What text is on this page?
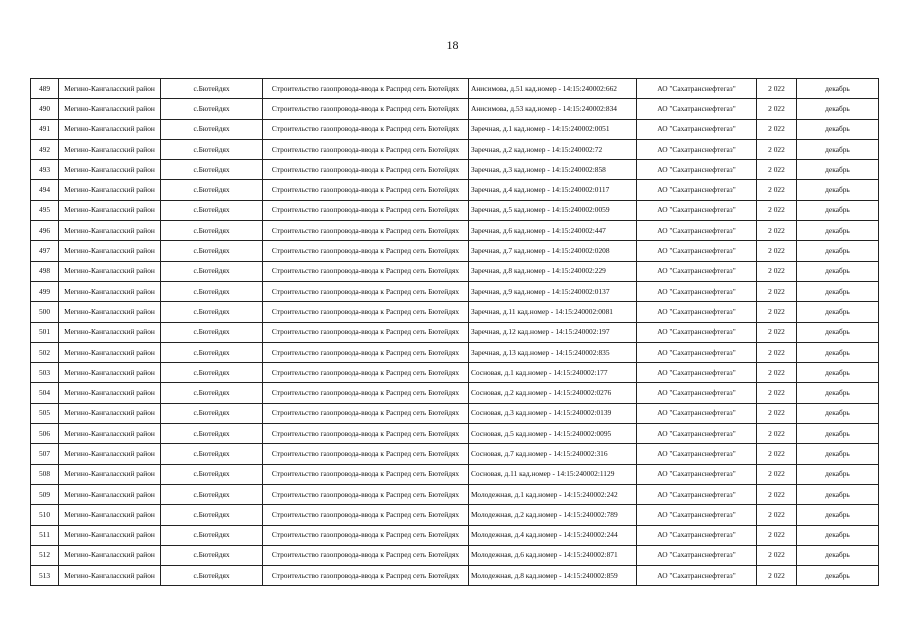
18
489	Мегино-Кангаласский район	с.Бютейдях	Строительство газопровода-ввода к Распред сеть Бютейдях	Анисимова, д.51 кад.номер - 14:15:240002:662	АО "Сахатранснефтегаз"	2 022	декабрь
490	Мегино-Кангаласский район	с.Бютейдях	Строительство газопровода-ввода к Распред сеть Бютейдях	Анисимова, д.53 кад.номер - 14:15:240002:834	АО "Сахатранснефтегаз"	2 022	декабрь
491	Мегино-Кангаласский район	с.Бютейдях	Строительство газопровода-ввода к Распред сеть Бютейдях	Заречная, д.1 кад.номер - 14:15:240002:0051	АО "Сахатранснефтегаз"	2 022	декабрь
492	Мегино-Кангаласский район	с.Бютейдях	Строительство газопровода-ввода к Распред сеть Бютейдях	Заречная, д.2 кад.номер - 14:15:240002:72	АО "Сахатранснефтегаз"	2 022	декабрь
493	Мегино-Кангаласский район	с.Бютейдях	Строительство газопровода-ввода к Распред сеть Бютейдях	Заречная, д.3 кад.номер - 14:15:240002:858	АО "Сахатранснефтегаз"	2 022	декабрь
494	Мегино-Кангаласский район	с.Бютейдях	Строительство газопровода-ввода к Распред сеть Бютейдях	Заречная, д.4 кад.номер - 14:15:240002:0117	АО "Сахатранснефтегаз"	2 022	декабрь
495	Мегино-Кангаласский район	с.Бютейдях	Строительство газопровода-ввода к Распред сеть Бютейдях	Заречная, д.5 кад.номер - 14:15:240002:0059	АО "Сахатранснефтегаз"	2 022	декабрь
496	Мегино-Кангаласский район	с.Бютейдях	Строительство газопровода-ввода к Распред сеть Бютейдях	Заречная, д.6 кад.номер - 14:15:240002:447	АО "Сахатранснефтегаз"	2 022	декабрь
497	Мегино-Кангаласский район	с.Бютейдях	Строительство газопровода-ввода к Распред сеть Бютейдях	Заречная, д.7 кад.номер - 14:15:240002:0208	АО "Сахатранснефтегаз"	2 022	декабрь
498	Мегино-Кангаласский район	с.Бютейдях	Строительство газопровода-ввода к Распред сеть Бютейдях	Заречная, д.8 кад.номер - 14:15:240002:229	АО "Сахатранснефтегаз"	2 022	декабрь
499	Мегино-Кангаласский район	с.Бютейдях	Строительство газопровода-ввода к Распред сеть Бютейдях	Заречная, д.9 кад.номер - 14:15:240002:0137	АО "Сахатранснефтегаз"	2 022	декабрь
500	Мегино-Кангаласский район	с.Бютейдях	Строительство газопровода-ввода к Распред сеть Бютейдях	Заречная, д.11 кад.номер - 14:15:240002:0081	АО "Сахатранснефтегаз"	2 022	декабрь
501	Мегино-Кангаласский район	с.Бютейдях	Строительство газопровода-ввода к Распред сеть Бютейдях	Заречная, д.12 кад.номер - 14:15:240002:197	АО "Сахатранснефтегаз"	2 022	декабрь
502	Мегино-Кангаласский район	с.Бютейдях	Строительство газопровода-ввода к Распред сеть Бютейдях	Заречная, д.13 кад.номер - 14:15:240002:835	АО "Сахатранснефтегаз"	2 022	декабрь
503	Мегино-Кангаласский район	с.Бютейдях	Строительство газопровода-ввода к Распред сеть Бютейдях	Сосновая, д.1 кад.номер - 14:15:240002:177	АО "Сахатранснефтегаз"	2 022	декабрь
504	Мегино-Кангаласский район	с.Бютейдях	Строительство газопровода-ввода к Распред сеть Бютейдях	Сосновая, д.2 кад.номер - 14:15:240002:0276	АО "Сахатранснефтегаз"	2 022	декабрь
505	Мегино-Кангаласский район	с.Бютейдях	Строительство газопровода-ввода к Распред сеть Бютейдях	Сосновая, д.3 кад.номер - 14:15:240002:0139	АО "Сахатранснефтегаз"	2 022	декабрь
506	Мегино-Кангаласский район	с.Бютейдях	Строительство газопровода-ввода к Распред сеть Бютейдях	Сосновая, д.5 кад.номер - 14:15:240002:0095	АО "Сахатранснефтегаз"	2 022	декабрь
507	Мегино-Кангаласский район	с.Бютейдях	Строительство газопровода-ввода к Распред сеть Бютейдях	Сосновая, д.7 кад.номер - 14:15:240002:316	АО "Сахатранснефтегаз"	2 022	декабрь
508	Мегино-Кангаласский район	с.Бютейдях	Строительство газопровода-ввода к Распред сеть Бютейдях	Сосновая, д.11 кад.номер - 14:15:240002:1129	АО "Сахатранснефтегаз"	2 022	декабрь
509	Мегино-Кангаласский район	с.Бютейдях	Строительство газопровода-ввода к Распред сеть Бютейдях	Молодежная, д.1 кад.номер - 14:15:240002:242	АО "Сахатранснефтегаз"	2 022	декабрь
510	Мегино-Кангаласский район	с.Бютейдях	Строительство газопровода-ввода к Распред сеть Бютейдях	Молодежная, д.2 кад.номер - 14:15:240002:789	АО "Сахатранснефтегаз"	2 022	декабрь
511	Мегино-Кангаласский район	с.Бютейдях	Строительство газопровода-ввода к Распред сеть Бютейдях	Молодежная, д.4 кад.номер - 14:15:240002:244	АО "Сахатранснефтегаз"	2 022	декабрь
512	Мегино-Кангаласский район	с.Бютейдях	Строительство газопровода-ввода к Распред сеть Бютейдях	Молодежная, д.6 кад.номер - 14:15:240002:871	АО "Сахатранснефтегаз"	2 022	декабрь
513	Мегино-Кангаласский район	с.Бютейдях	Строительство газопровода-ввода к Распред сеть Бютейдях	Молодежная, д.8 кад.номер - 14:15:240002:859	АО "Сахатранснефтегаз"	2 022	декабрь
